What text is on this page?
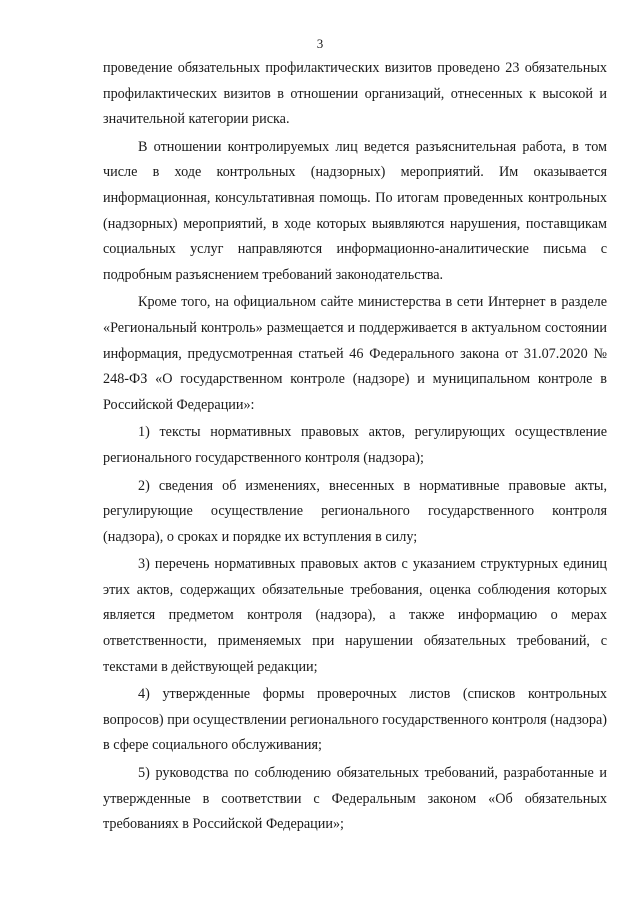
3

проведение обязательных профилактических визитов проведено 23 обязательных профилактических визитов в отношении организаций, отнесенных к высокой и значительной категории риска.

В отношении контролируемых лиц ведется разъяснительная работа, в том числе в ходе контрольных (надзорных) мероприятий. Им оказывается информационная, консультативная помощь. По итогам проведенных контрольных (надзорных) мероприятий, в ходе которых выявляются нарушения, поставщикам социальных услуг направляются информационно-аналитические письма с подробным разъяснением требований законодательства.

Кроме того, на официальном сайте министерства в сети Интернет в разделе «Региональный контроль» размещается и поддерживается в актуальном состоянии информация, предусмотренная статьей 46 Федерального закона от 31.07.2020 № 248-ФЗ «О государственном контроле (надзоре) и муниципальном контроле в Российской Федерации»:

1) тексты нормативных правовых актов, регулирующих осуществление регионального государственного контроля (надзора);

2) сведения об изменениях, внесенных в нормативные правовые акты, регулирующие осуществление регионального государственного контроля (надзора), о сроках и порядке их вступления в силу;

3) перечень нормативных правовых актов с указанием структурных единиц этих актов, содержащих обязательные требования, оценка соблюдения которых является предметом контроля (надзора), а также информацию о мерах ответственности, применяемых при нарушении обязательных требований, с текстами в действующей редакции;

4) утвержденные формы проверочных листов (списков контрольных вопросов) при осуществлении регионального государственного контроля (надзора) в сфере социального обслуживания;

5) руководства по соблюдению обязательных требований, разработанные и утвержденные в соответствии с Федеральным законом «Об обязательных требованиях в Российской Федерации»;
